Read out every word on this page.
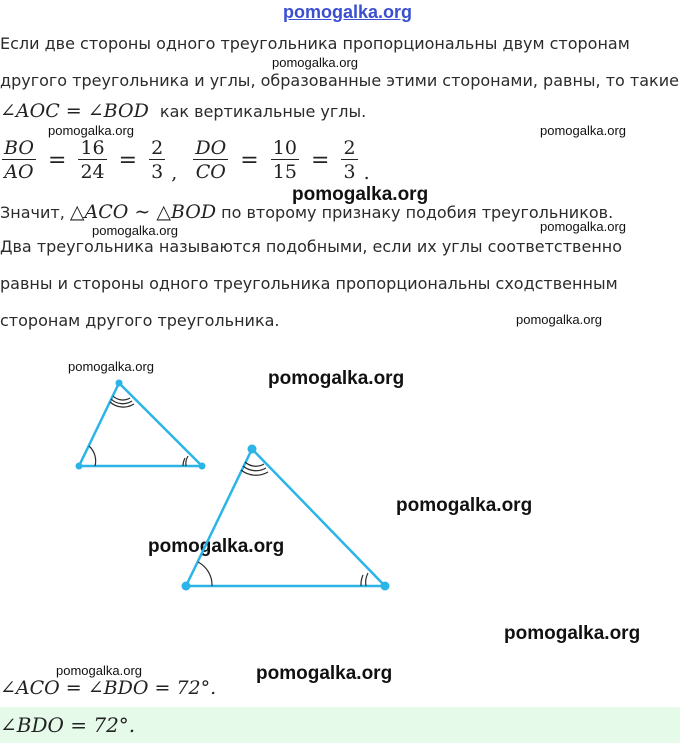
pomogalka.org
Если две стороны одного треугольника пропорциональны двум сторонам
pomogalka.org
другого треугольника и углы, образованные этими сторонами, равны, то такие
∠AOC = ∠BOD как вертикальные углы.
pomogalka.org	pomogalka.org
$\frac{BO}{AO} = \frac{16}{24} = \frac{2}{3}$ , $\frac{DO}{CO} = \frac{10}{15} = \frac{2}{3}$ .
pomogalka.org
Значит, △ACO ∼ △BOD по второму признаку подобия треугольников.
pomogalka.org
pomogalka.org
Два треугольника называются подобными, если их углы соответственно
равны и стороны одного треугольника пропорциональны сходственным
сторонам другого треугольника.	pomogalka.org
pomogalka.org
pomogalka.org
pomogalka.org
pomogalka.org
pomogalka.org
pomogalka.org	pomogalka.org
∠ACO = ∠BDO = 72°.
∠BDO = 72°.
